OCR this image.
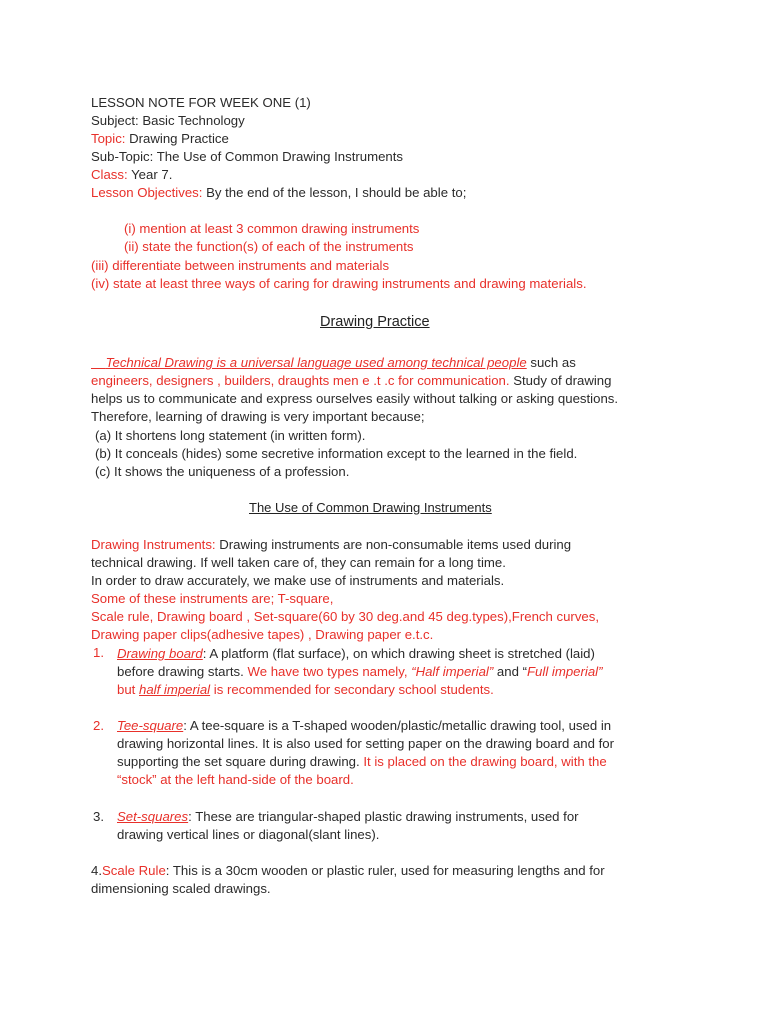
LESSON NOTE FOR WEEK ONE (1)
Subject: Basic Technology
Topic: Drawing Practice
Sub-Topic: The Use of Common Drawing Instruments
Class: Year 7.
Lesson Objectives: By the end of the lesson, I should be able to;
(i) mention at least 3 common drawing instruments
(ii) state the function(s) of each of the instruments
(iii) differentiate between instruments and materials
(iv) state at least three ways of caring for drawing instruments and drawing materials.
Drawing Practice
Technical Drawing is a universal language used among technical people such as
engineers, designers , builders, draughts men e .t .c for communication. Study of drawing
helps us to communicate and express ourselves easily without talking or asking questions.
Therefore, learning of drawing is very important because;
(a) It shortens long statement (in written form).
(b) It conceals (hides) some secretive information except to the learned in the field.
(c) It shows the uniqueness of a profession.
The Use of Common Drawing Instruments
Drawing Instruments: Drawing instruments are non-consumable items used during
technical drawing. If well taken care of, they can remain for a long time.
In order to draw accurately, we make use of instruments and materials.
Some of these instruments are; T-square,
Scale rule, Drawing board , Set-square(60 by 30 deg.and 45 deg.types),French curves,
Drawing paper clips(adhesive tapes) , Drawing paper e.t.c.
1. Drawing board: A platform (flat surface), on which drawing sheet is stretched (laid)
before drawing starts. We have two types namely, “Half imperial” and “Full imperial”
but half imperial is recommended for secondary school students.
2. Tee-square: A tee-square is a T-shaped wooden/plastic/metallic drawing tool, used in
drawing horizontal lines. It is also used for setting paper on the drawing board and for
supporting the set square during drawing. It is placed on the drawing board, with the
“stock” at the left hand-side of the board.
3. Set-squares: These are triangular-shaped plastic drawing instruments, used for
drawing vertical lines or diagonal(slant lines).
4.Scale Rule: This is a 30cm wooden or plastic ruler, used for measuring lengths and for
dimensioning scaled drawings.
